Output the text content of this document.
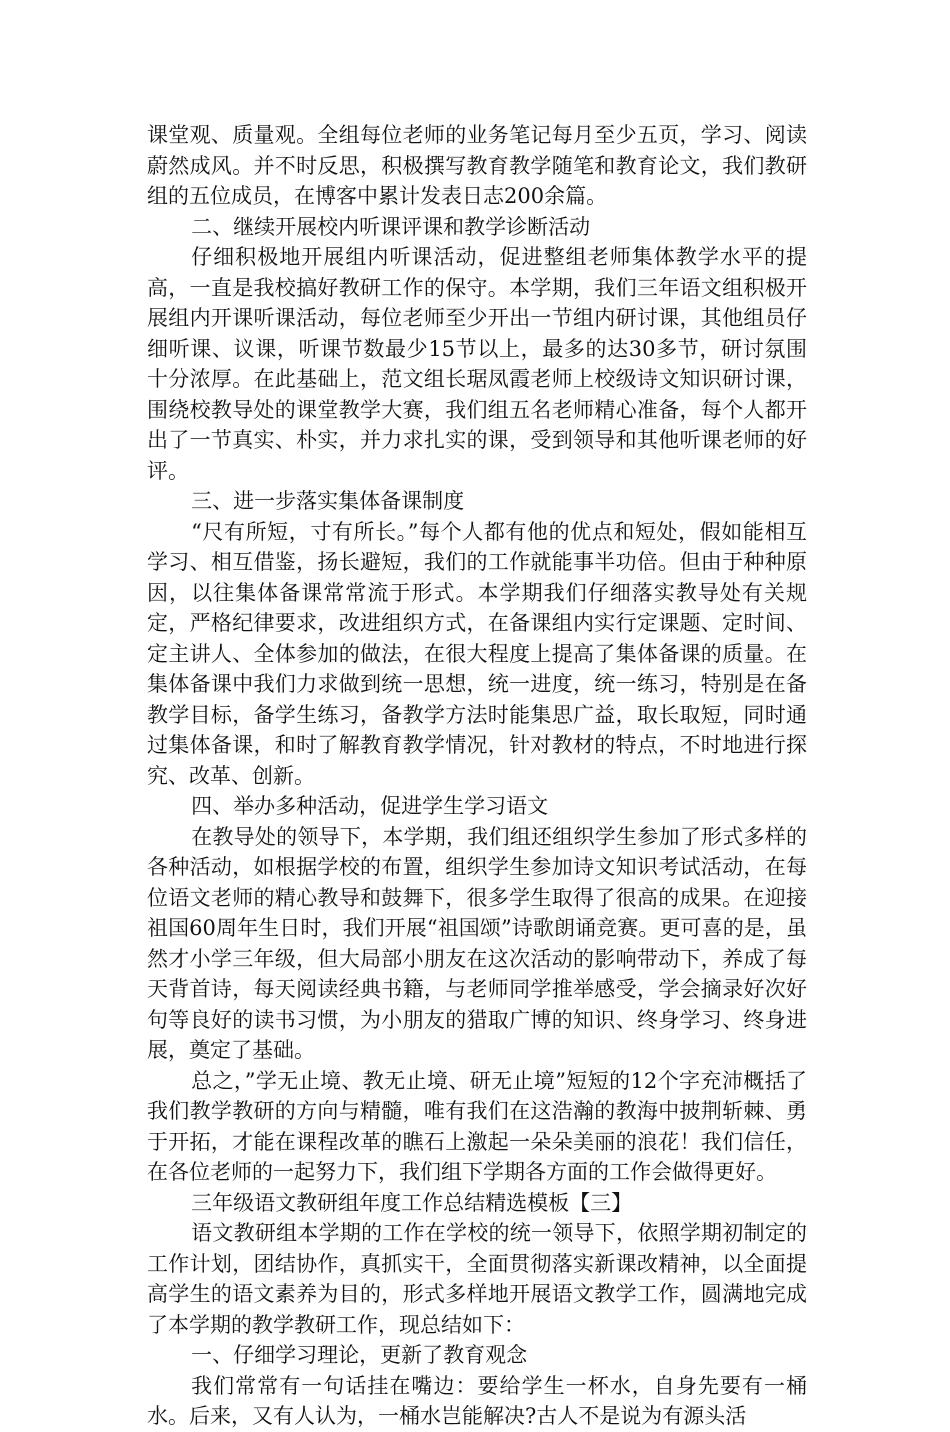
课堂观、质量观。全组每位老师的业务笔记每月至少五页，学习、阅读蔚然成风。并不时反思，积极撰写教育教学随笔和教育论文，我们教研组的五位成员，在博客中累计发表日志200余篇。

二、继续开展校内听课评课和教学诊断活动

仔细积极地开展组内听课活动，促进整组老师集体教学水平的提高，一直是我校搞好教研工作的保守。本学期，我们三年语文组积极开展组内开课听课活动，每位老师至少开出一节组内研讨课，其他组员仔细听课、议课，听课节数最少15节以上，最多的达30多节，研讨氛围十分浓厚。在此基础上，范文组长琚凤霞老师上校级诗文知识研讨课，围绕校教导处的课堂教学大赛，我们组五名老师精心准备，每个人都开出了一节真实、朴实，并力求扎实的课，受到领导和其他听课老师的好评。

三、进一步落实集体备课制度

“尺有所短，寸有所长。”每个人都有他的优点和短处，假如能相互学习、相互借鉴，扬长避短，我们的工作就能事半功倍。但由于种种原因，以往集体备课常常流于形式。本学期我们仔细落实教导处有关规定，严格纪律要求，改进组织方式，在备课组内实行定课题、定时间、定主讲人、全体参加的做法，在很大程度上提高了集体备课的质量。在集体备课中我们力求做到统一思想，统一进度，统一练习，特别是在备教学目标，备学生练习，备教学方法时能集思广益，取长取短，同时通过集体备课，和时了解教育教学情况，针对教材的特点，不时地进行探究、改革、创新。

四、举办多种活动，促进学生学习语文

在教导处的领导下，本学期，我们组还组织学生参加了形式多样的各种活动，如根据学校的布置，组织学生参加诗文知识考试活动，在每位语文老师的精心教导和鼓舞下，很多学生取得了很高的成果。在迎接祖国60周年生日时，我们开展“祖国颂”诗歌朗诵竞赛。更可喜的是，虽然才小学三年级，但大局部小朋友在这次活动的影响带动下，养成了每天背首诗，每天阅读经典书籍，与老师同学推举感受，学会摘录好次好句等良好的读书习惯，为小朋友的猎取广博的知识、终身学习、终身进展，奠定了基础。

总之，”学无止境、教无止境、研无止境”短短的12个字充沛概括了我们教学教研的方向与精髓，唯有我们在这浩瀚的教海中披荆斩棘、勇于开拓，才能在课程改革的瞧石上激起一朵朵美丽的浪花！我们信任，在各位老师的一起努力下，我们组下学期各方面的工作会做得更好。

三年级语文教研组年度工作总结精选模板【三】

语文教研组本学期的工作在学校的统一领导下，依照学期初制定的工作计划，团结协作，真抓实干，全面贯彻落实新课改精神，以全面提高学生的语文素养为目的，形式多样地开展语文教学工作，圆满地完成了本学期的教学教研工作，现总结如下：

一、仔细学习理论，更新了教育观念

我们常常有一句话挂在嘴边：要给学生一杯水，自身先要有一桶水。后来，又有人认为，一桶水岂能解决?古人不是说为有源头活
